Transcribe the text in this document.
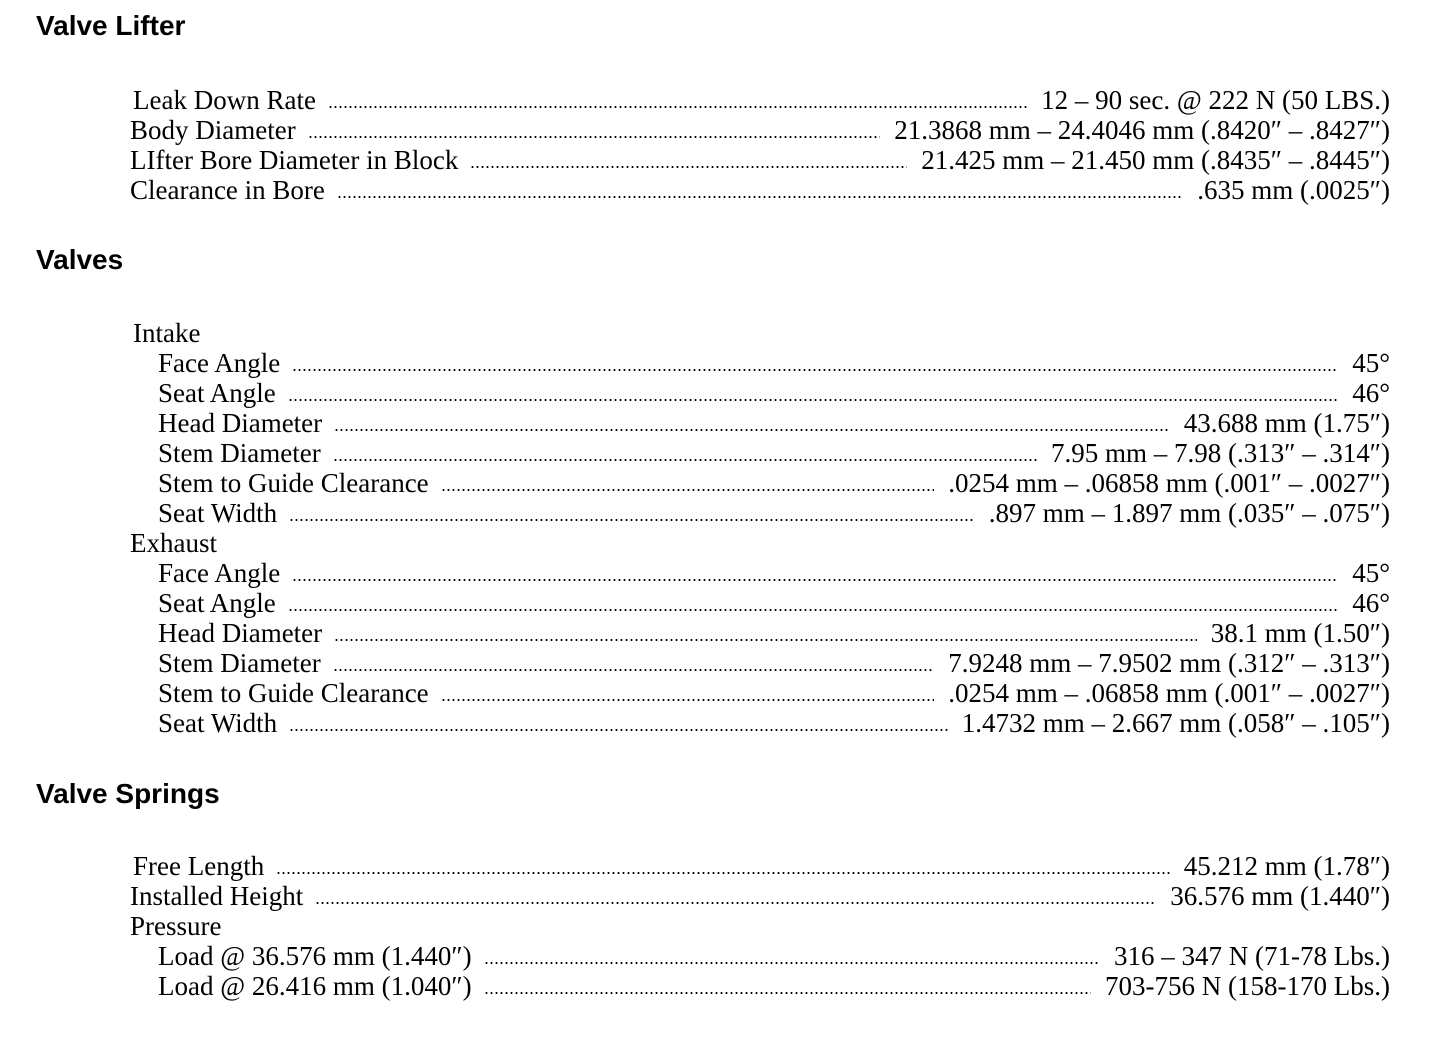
Valve Lifter
Leak Down Rate	12 – 90 sec. @ 222 N (50 LBS.)
Body Diameter	21.3868 mm – 24.4046 mm (.8420″ – .8427″)
LIfter Bore Diameter in Block	21.425 mm – 21.450 mm (.8435″ – .8445″)
Clearance in Bore	.635 mm (.0025″)
Valves
Intake
Face Angle	45°
Seat Angle	46°
Head Diameter	43.688 mm (1.75″)
Stem Diameter	7.95 mm – 7.98 (.313″ – .314″)
Stem to Guide Clearance	.0254 mm – .06858 mm (.001″ – .0027″)
Seat Width	.897 mm – 1.897 mm (.035″ – .075″)
Exhaust
Face Angle	45°
Seat Angle	46°
Head Diameter	38.1 mm (1.50″)
Stem Diameter	7.9248 mm – 7.9502 mm (.312″ – .313″)
Stem to Guide Clearance	.0254 mm – .06858 mm (.001″ – .0027″)
Seat Width	1.4732 mm – 2.667 mm (.058″ – .105″)
Valve Springs
Free Length	45.212 mm (1.78″)
Installed Height	36.576 mm (1.440″)
Pressure
Load @ 36.576 mm (1.440″)	316 – 347 N (71-78 Lbs.)
Load @ 26.416 mm (1.040″)	703-756 N (158-170 Lbs.)
